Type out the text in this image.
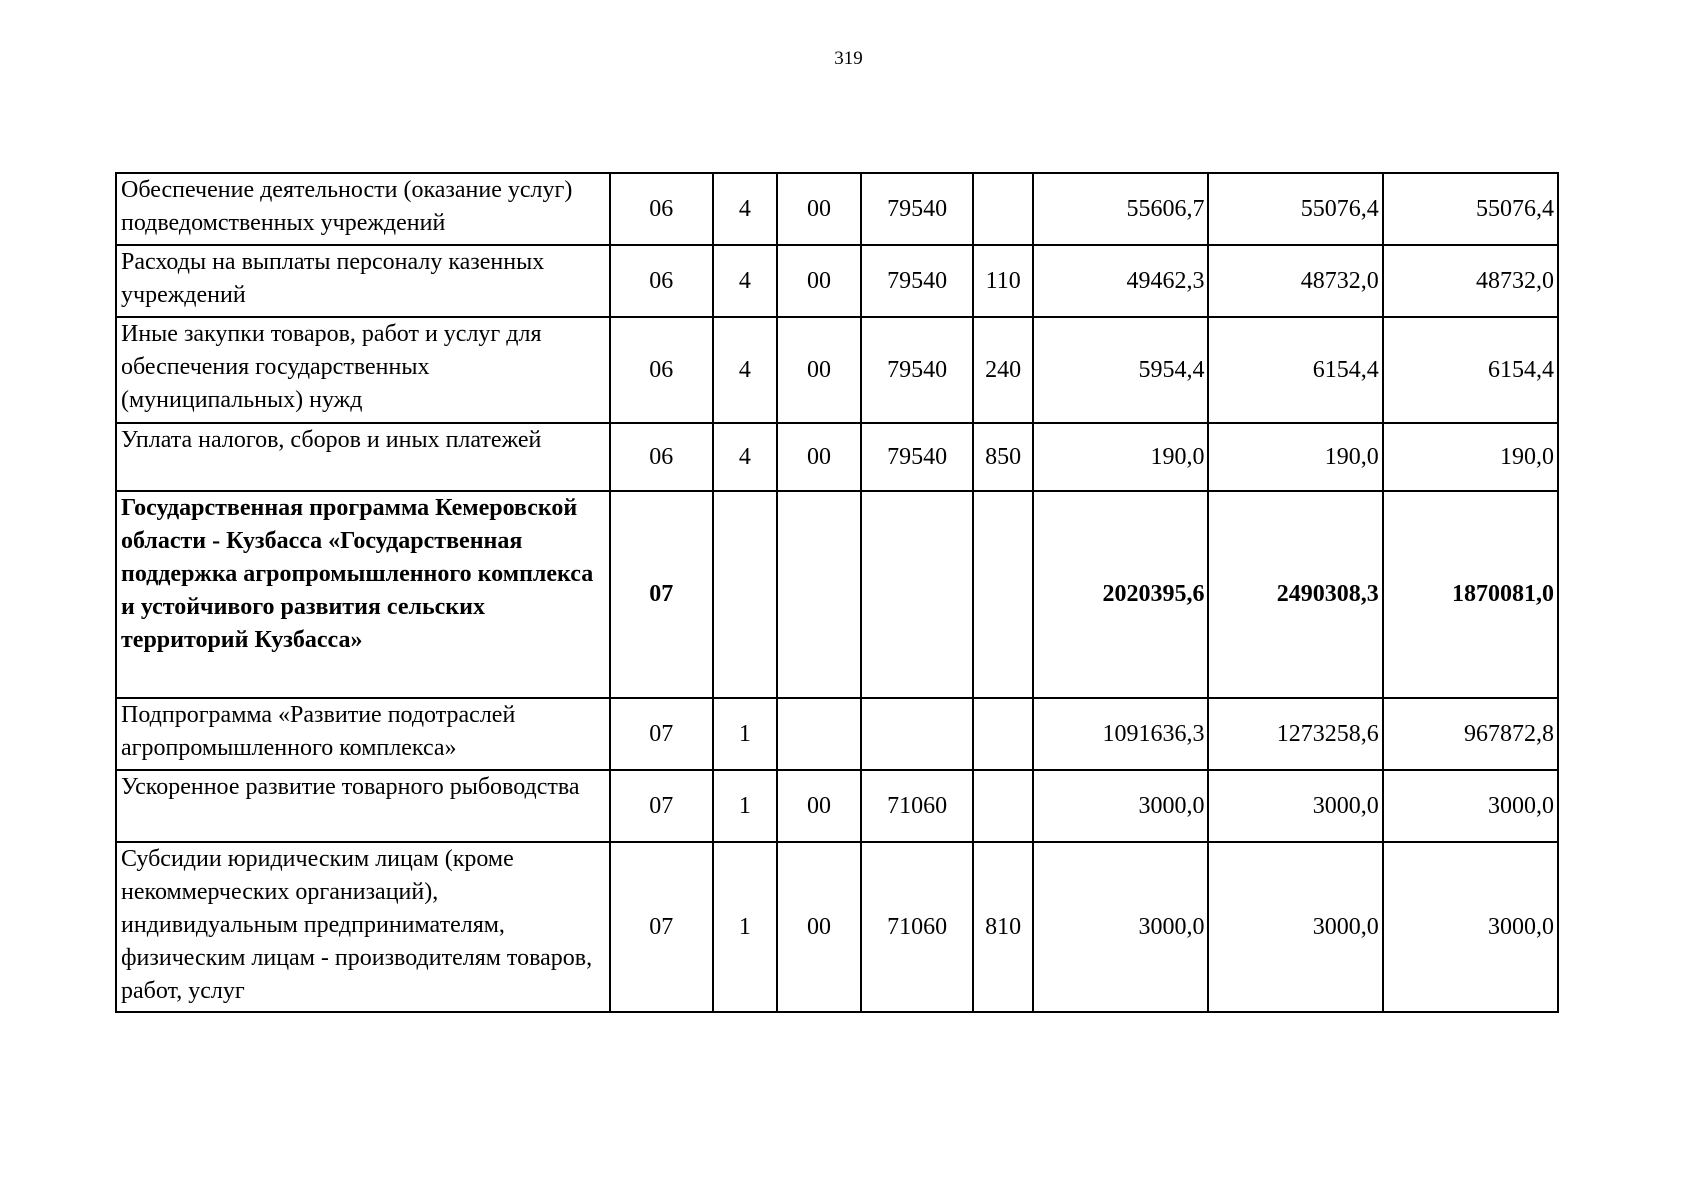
319
Обеспечение деятельности (оказание услуг) подведомственных учреждений	06	4	00	79540		55606,7	55076,4	55076,4
Расходы на выплаты персоналу казенных учреждений	06	4	00	79540	110	49462,3	48732,0	48732,0
Иные закупки товаров, работ и услуг для обеспечения государственных (муниципальных) нужд	06	4	00	79540	240	5954,4	6154,4	6154,4
Уплата налогов, сборов и иных платежей	06	4	00	79540	850	190,0	190,0	190,0
Государственная программа Кемеровской области - Кузбасса «Государственная поддержка агропромышленного комплекса и устойчивого развития сельских территорий Кузбасса»	07					2020395,6	2490308,3	1870081,0
Подпрограмма «Развитие подотраслей агропромышленного комплекса»	07	1				1091636,3	1273258,6	967872,8
Ускоренное развитие товарного рыбоводства	07	1	00	71060		3000,0	3000,0	3000,0
Субсидии юридическим лицам (кроме некоммерческих организаций), индивидуальным предпринимателям, физическим лицам - производителям товаров, работ, услуг	07	1	00	71060	810	3000,0	3000,0	3000,0
